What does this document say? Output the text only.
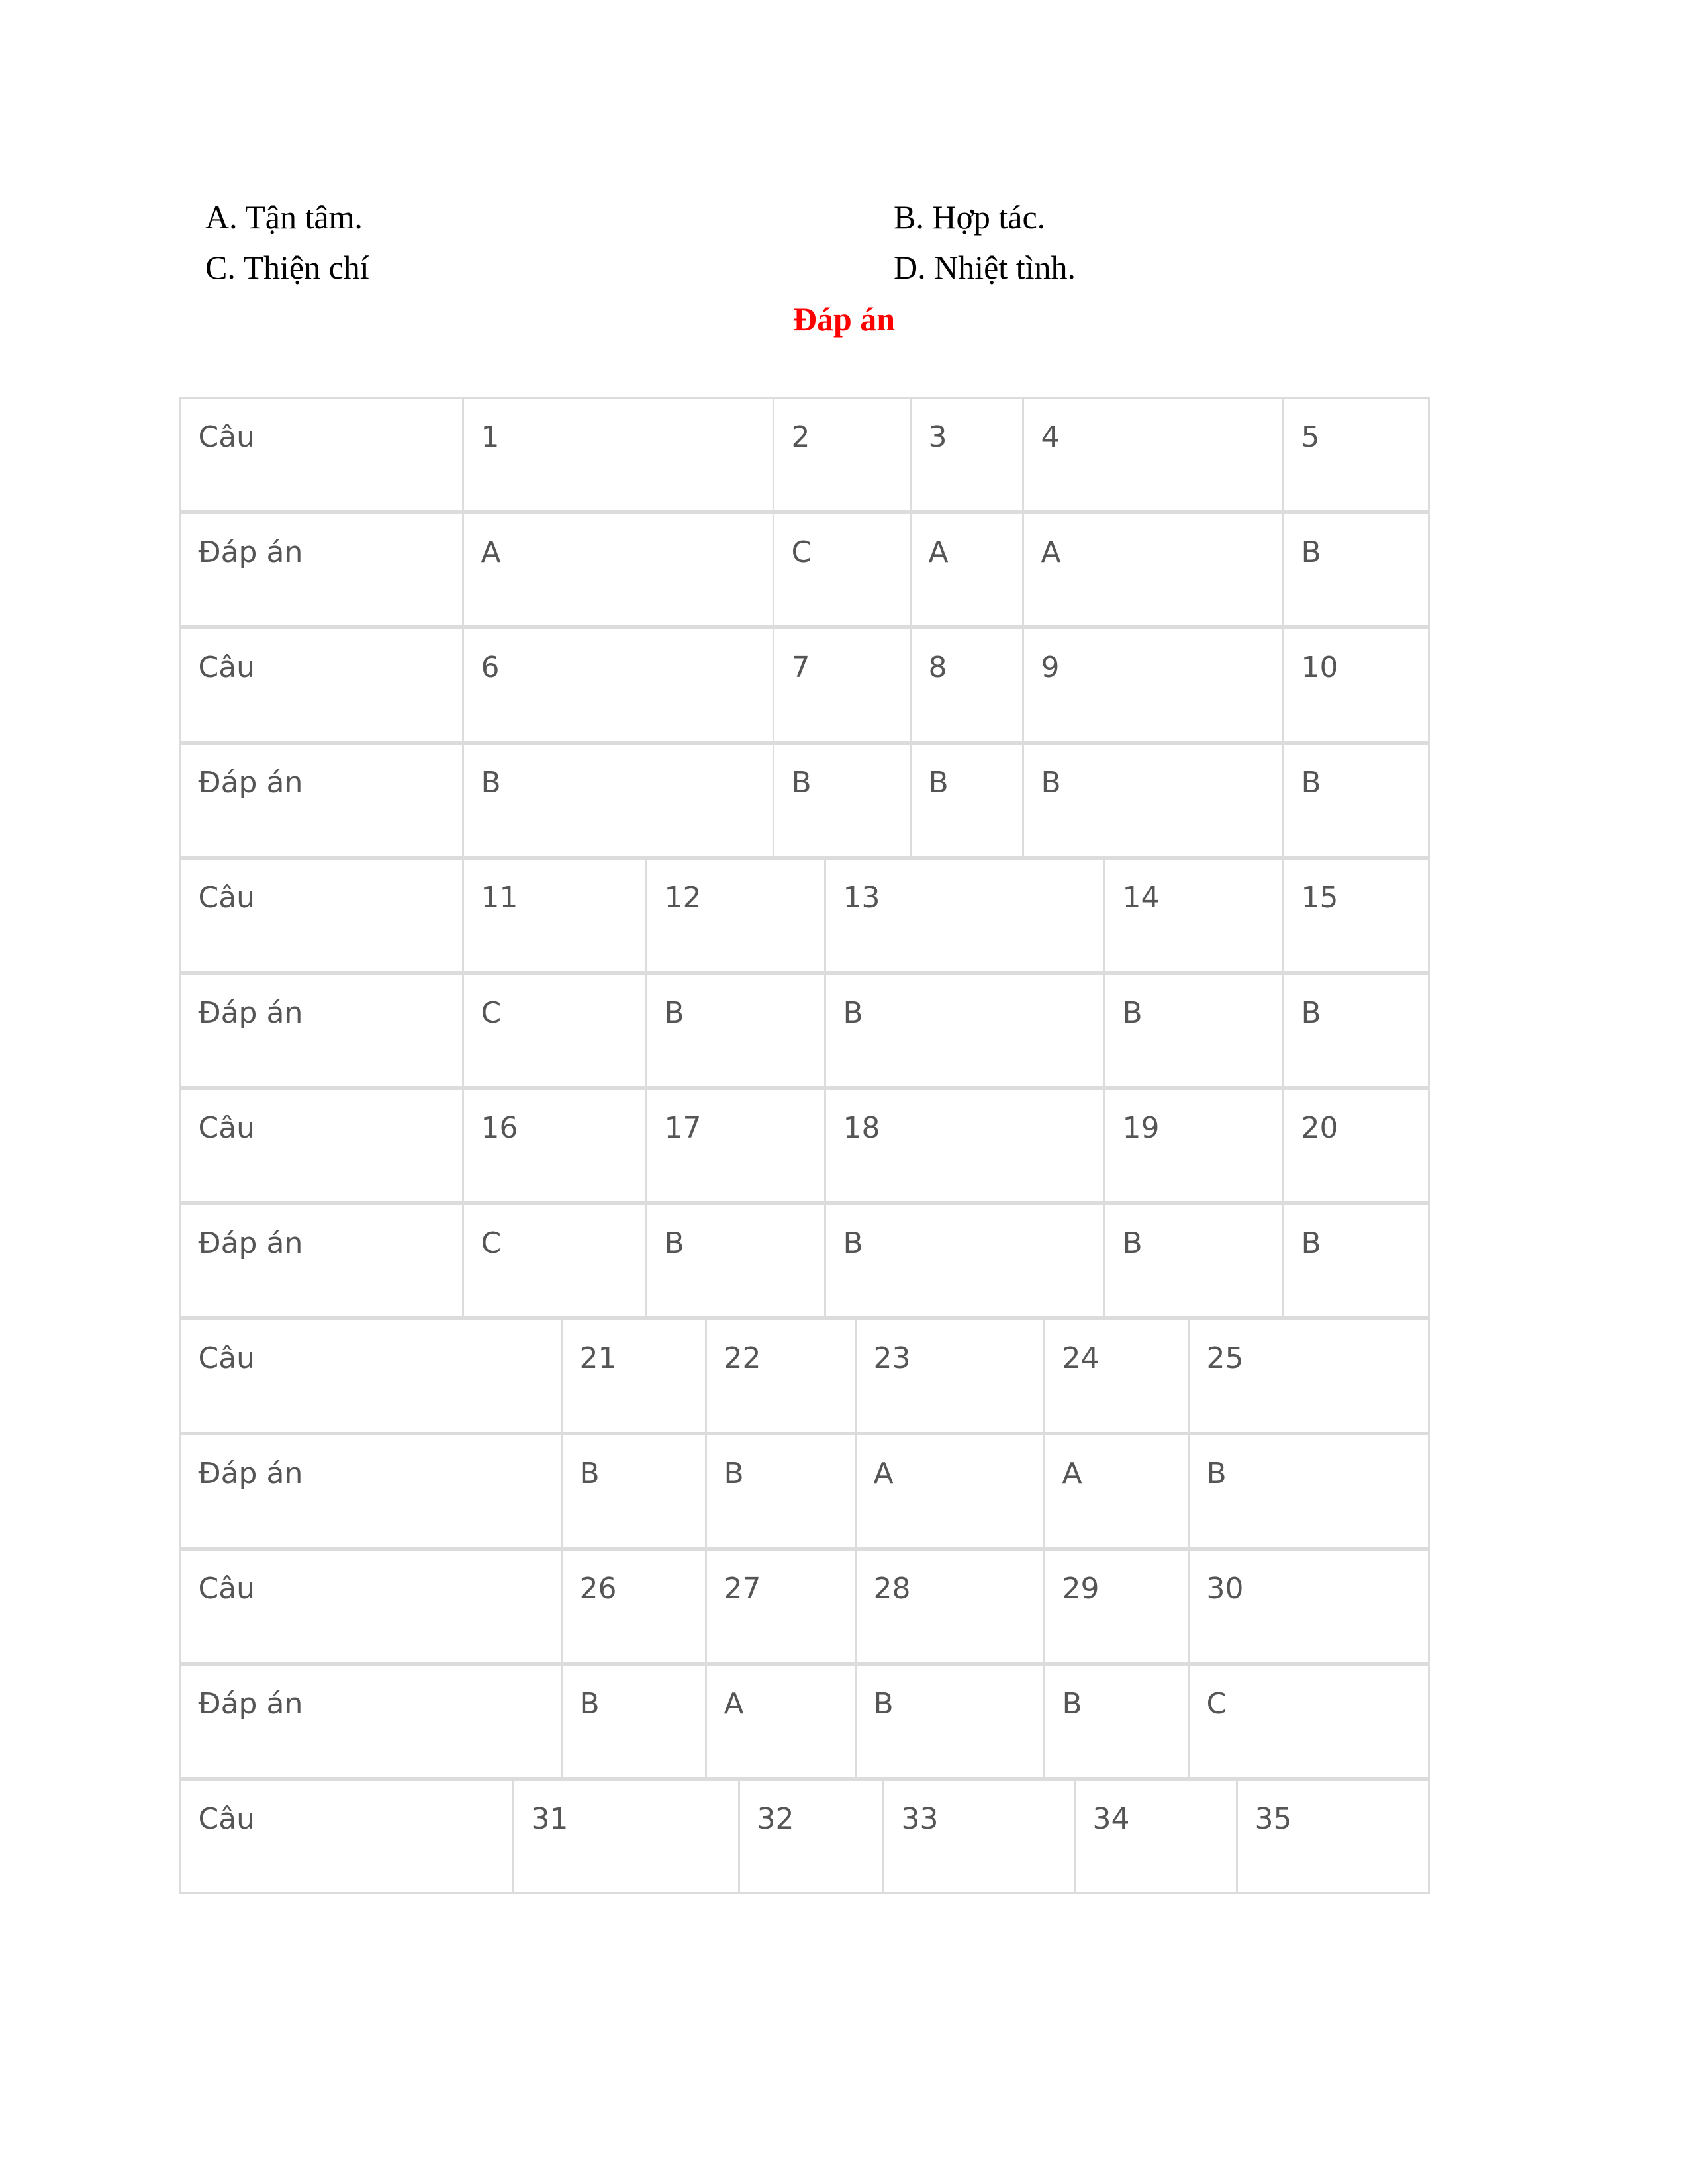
A. Tận tâm.	B. Hợp tác.
C. Thiện chí	D. Nhiệt tình.
Đáp án
Câu	1	2	3	4	5
Đáp án	A	C	A	A	B
Câu	6	7	8	9	10
Đáp án	B	B	B	B	B
Câu	11	12	13	14	15
Đáp án	C	B	B	B	B
Câu	16	17	18	19	20
Đáp án	C	B	B	B	B
Câu	21	22	23	24	25
Đáp án	B	B	A	A	B
Câu	26	27	28	29	30
Đáp án	B	A	B	B	C
Câu	31	32	33	34	35
